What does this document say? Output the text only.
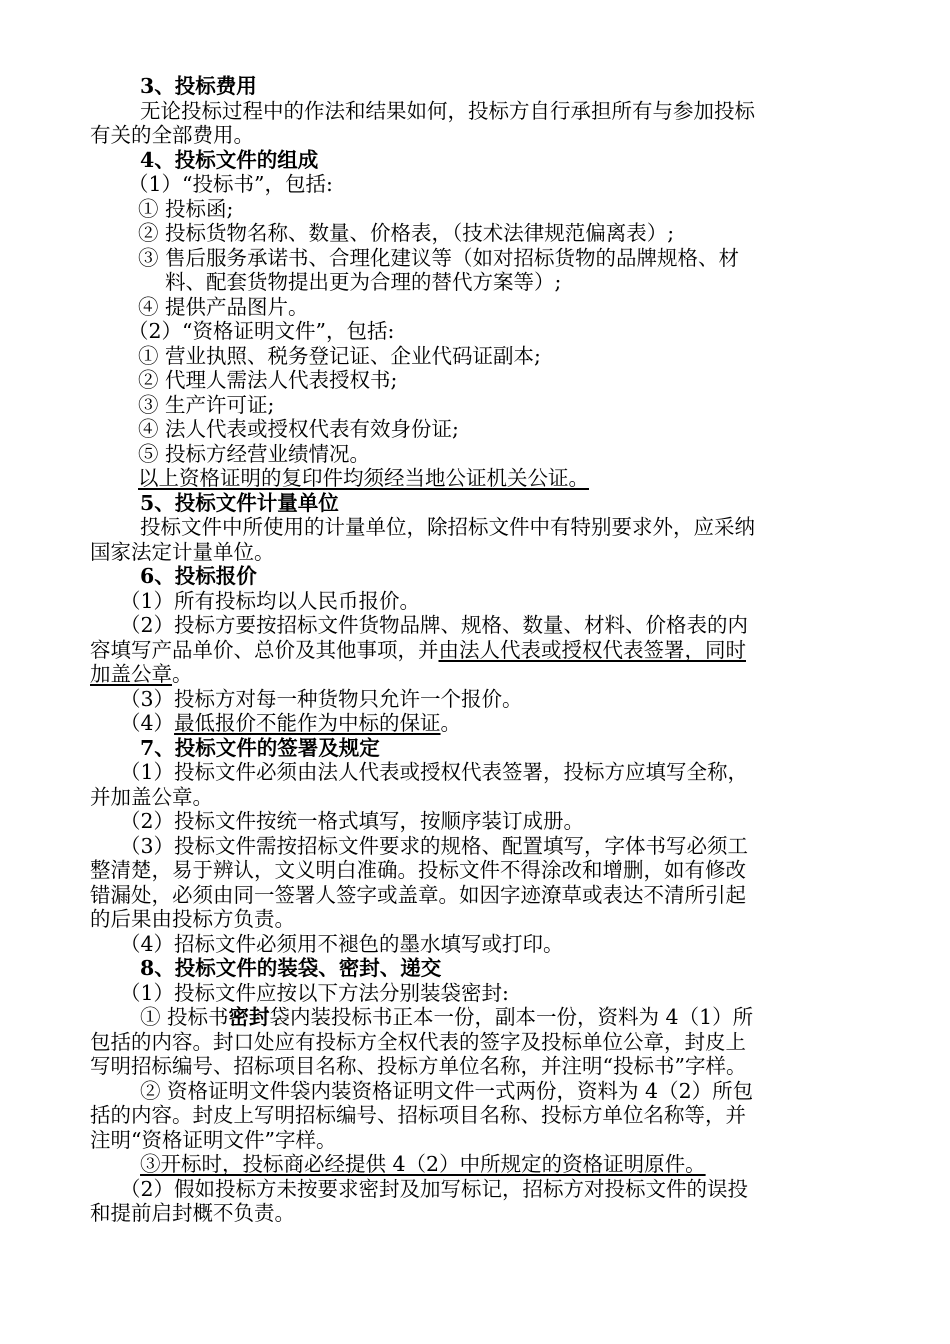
3、投标费用
无论投标过程中的作法和结果如何，投标方自行承担所有与参加投标
有关的全部费用。
4、投标文件的组成
（1）“投标书”，包括:
① 投标函;
② 投标货物名称、数量、价格表，（技术法律规范偏离表）;
③ 售后服务承诺书、合理化建议等（如对招标货物的品牌规格、材
料、配套货物提出更为合理的替代方案等）;
④ 提供产品图片。
（2）“资格证明文件”，包括:
① 营业执照、税务登记证、企业代码证副本;
② 代理人需法人代表授权书;
③ 生产许可证;
④ 法人代表或授权代表有效身份证;
⑤ 投标方经营业绩情况。
以上资格证明的复印件均须经当地公证机关公证。
5、投标文件计量单位
投标文件中所使用的计量单位，除招标文件中有特别要求外，应采纳
国家法定计量单位。
6、投标报价
（1）所有投标均以人民币报价。
（2）投标方要按招标文件货物品牌、规格、数量、材料、价格表的内
容填写产品单价、总价及其他事项，并由法人代表或授权代表签署，同时
加盖公章。
（3）投标方对每一种货物只允许一个报价。
（4）最低报价不能作为中标的保证。
7、投标文件的签署及规定
（1）投标文件必须由法人代表或授权代表签署，投标方应填写全称，
并加盖公章。
（2）投标文件按统一格式填写，按顺序装订成册。
（3）投标文件需按招标文件要求的规格、配置填写，字体书写必须工
整清楚，易于辨认，文义明白准确。投标文件不得涂改和增删，如有修改
错漏处，必须由同一签署人签字或盖章。如因字迹潦草或表达不清所引起
的后果由投标方负责。
（4）招标文件必须用不褪色的墨水填写或打印。
8、投标文件的装袋、密封、递交
（1）投标文件应按以下方法分别装袋密封:
① 投标书密封袋内装投标书正本一份，副本一份，资料为 4（1）所
包括的内容。封口处应有投标方全权代表的签字及投标单位公章，封皮上
写明招标编号、招标项目名称、投标方单位名称，并注明“投标书”字样。
② 资格证明文件袋内装资格证明文件一式两份，资料为 4（2）所包
括的内容。封皮上写明招标编号、招标项目名称、投标方单位名称等，并
注明“资格证明文件”字样。
③开标时，投标商必经提供 4（2）中所规定的资格证明原件。
（2）假如投标方未按要求密封及加写标记，招标方对投标文件的误投
和提前启封概不负责。
